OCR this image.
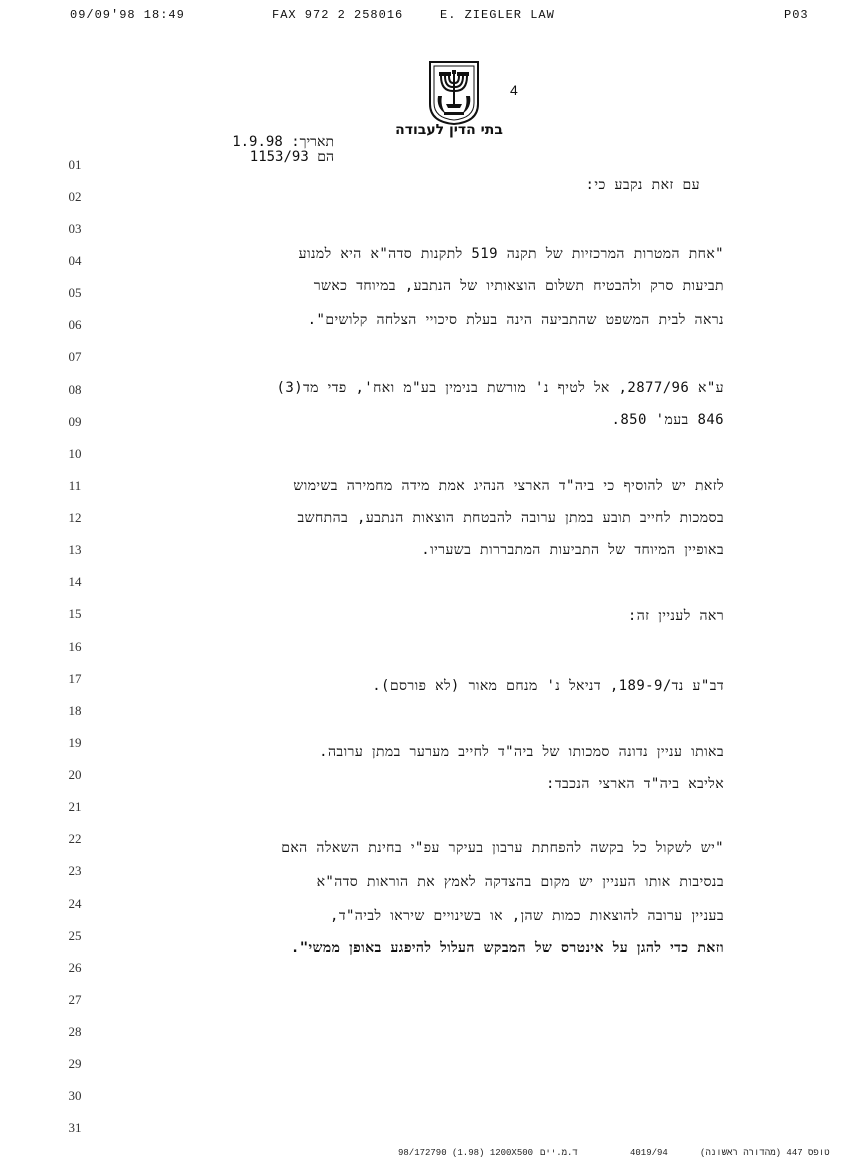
09/09'98 18:49	FAX 972 2 258016	E. ZIEGLER LAW	P03
4
בתי הדין לעבודה
תאריך: 1.9.98
הם 1153/93
01
02
03
04
05
06
07
08
09
10
11
12
13
14
15
16
17
18
19
20
21
22
23
24
25
26
27
28
29
30
31
עם זאת נקבע כי:
"אחת המטרות המרכזיות של תקנה 519 לתקנות סדה"א היא למנוע
תביעות סרק ולהבטיח תשלום הוצאותיו של הנתבע, במיוחד כאשר
נראה לבית המשפט שהתביעה הינה בעלת סיכויי הצלחה קלושים".
ע"א 2877/96, אל לטיף נ' מורשת בנימין בע"מ ואח', פדי מד(3)
846 בעמ' 850.
לזאת יש להוסיף כי ביה"ד הארצי הנהיג אמת מידה מחמירה בשימוש
בסמכות לחייב תובע במתן ערובה להבטחת הוצאות הנתבע, בהתחשב
באופיין המיוחד של התביעות המתבררות בשעריו.
ראה לעניין זה:
דב"ע נד/189-9, דניאל נ' מנחם מאור (לא פורסם).
באותו עניין נדונה סמכותו של ביה"ד לחייב מערער במתן ערובה.
אליבא ביה"ד הארצי הנכבד:
"יש לשקול כל בקשה להפחתת ערבון בעיקר עפ"י בחינת השאלה האם
בנסיבות אותו העניין יש מקום בהצדקה לאמץ את הוראות סדה"א
בעניין ערובה להוצאות כמות שהן, או בשינויים שיראו לביה"ד,
וזאת כדי להגן על אינטרס של המבקש העלול להיפגע באופן ממשי".
98/172790 (1.98) 1200X500 ד.מ.יים	4019/94	טופס 447 (מהדורה ראשונה)
